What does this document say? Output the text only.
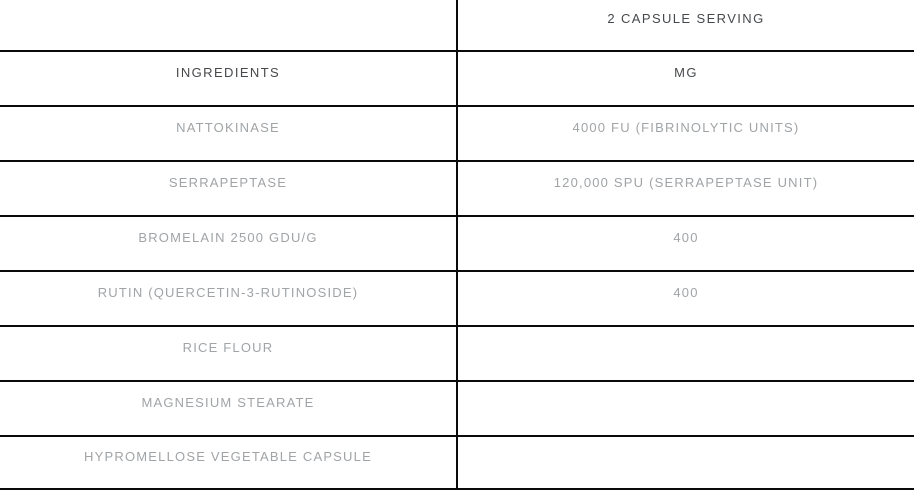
2 CAPSULE SERVING
INGREDIENTS	MG
NATTOKINASE	4000 FU (FIBRINOLYTIC UNITS)
SERRAPEPTASE	120,000 SPU (SERRAPEPTASE UNIT)
BROMELAIN 2500 GDU/G	400
RUTIN (QUERCETIN-3-RUTINOSIDE)	400
RICE FLOUR
MAGNESIUM STEARATE
HYPROMELLOSE VEGETABLE CAPSULE
